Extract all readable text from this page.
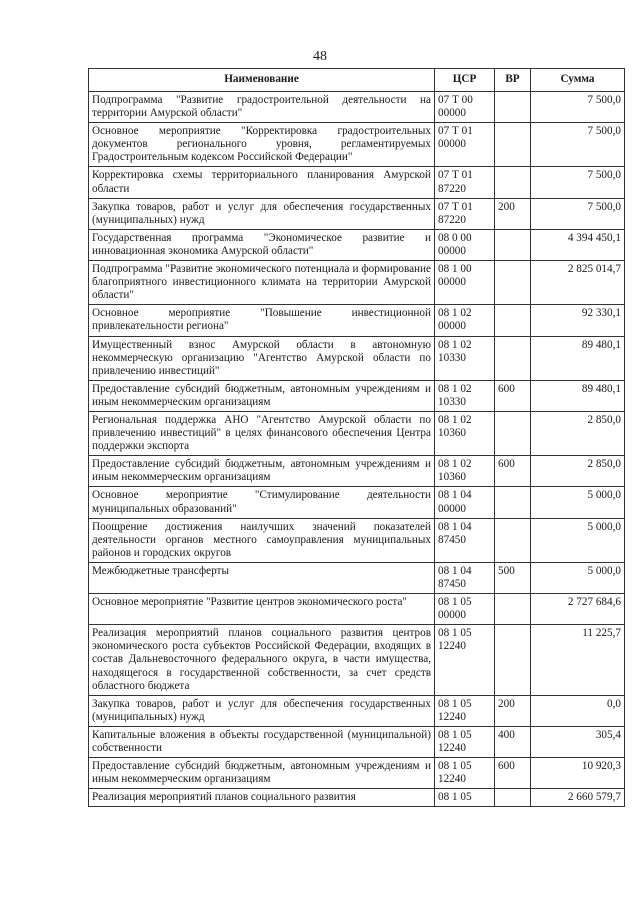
48
Наименование	ЦСР	ВР	Сумма
Подпрограмма "Развитие градостроительной деятельности на территории Амурской области"	07 Т 00 00000		7 500,0
Основное мероприятие "Корректировка градостроительных документов регионального уровня, регламентируемых Градостроительным кодексом Российской Федерации"	07 Т 01 00000		7 500,0
Корректировка схемы территориального планирования Амурской области	07 Т 01 87220		7 500,0
Закупка товаров, работ и услуг для обеспечения государственных (муниципальных) нужд	07 Т 01 87220	200	7 500,0
Государственная программа "Экономическое развитие и инновационная экономика Амурской области"	08 0 00 00000		4 394 450,1
Подпрограмма "Развитие экономического потенциала и формирование благоприятного инвестиционного климата на территории Амурской области"	08 1 00 00000		2 825 014,7
Основное мероприятие "Повышение инвестиционной привлекательности региона"	08 1 02 00000		92 330,1
Имущественный взнос Амурской области в автономную некоммерческую организацию "Агентство Амурской области по привлечению инвестиций"	08 1 02 10330		89 480,1
Предоставление субсидий бюджетным, автономным учреждениям и иным некоммерческим организациям	08 1 02 10330	600	89 480,1
Региональная поддержка АНО "Агентство Амурской области по привлечению инвестиций" в целях финансового обеспечения Центра поддержки экспорта	08 1 02 10360		2 850,0
Предоставление субсидий бюджетным, автономным учреждениям и иным некоммерческим организациям	08 1 02 10360	600	2 850,0
Основное мероприятие "Стимулирование деятельности муниципальных образований"	08 1 04 00000		5 000,0
Поощрение достижения наилучших значений показателей деятельности органов местного самоуправления муниципальных районов и городских округов	08 1 04 87450		5 000,0
Межбюджетные трансферты	08 1 04 87450	500	5 000,0
Основное мероприятие "Развитие центров экономического роста"	08 1 05 00000		2 727 684,6
Реализация мероприятий планов социального развития центров экономического роста субъектов Российской Федерации, входящих в состав Дальневосточного федерального округа, в части имущества, находящегося в государственной собственности, за счет средств областного бюджета	08 1 05 12240		11 225,7
Закупка товаров, работ и услуг для обеспечения государственных (муниципальных) нужд	08 1 05 12240	200	0,0
Капитальные вложения в объекты государственной (муниципальной) собственности	08 1 05 12240	400	305,4
Предоставление субсидий бюджетным, автономным учреждениям и иным некоммерческим организациям	08 1 05 12240	600	10 920,3
Реализация мероприятий планов социального развития	08 1 05		2 660 579,7
